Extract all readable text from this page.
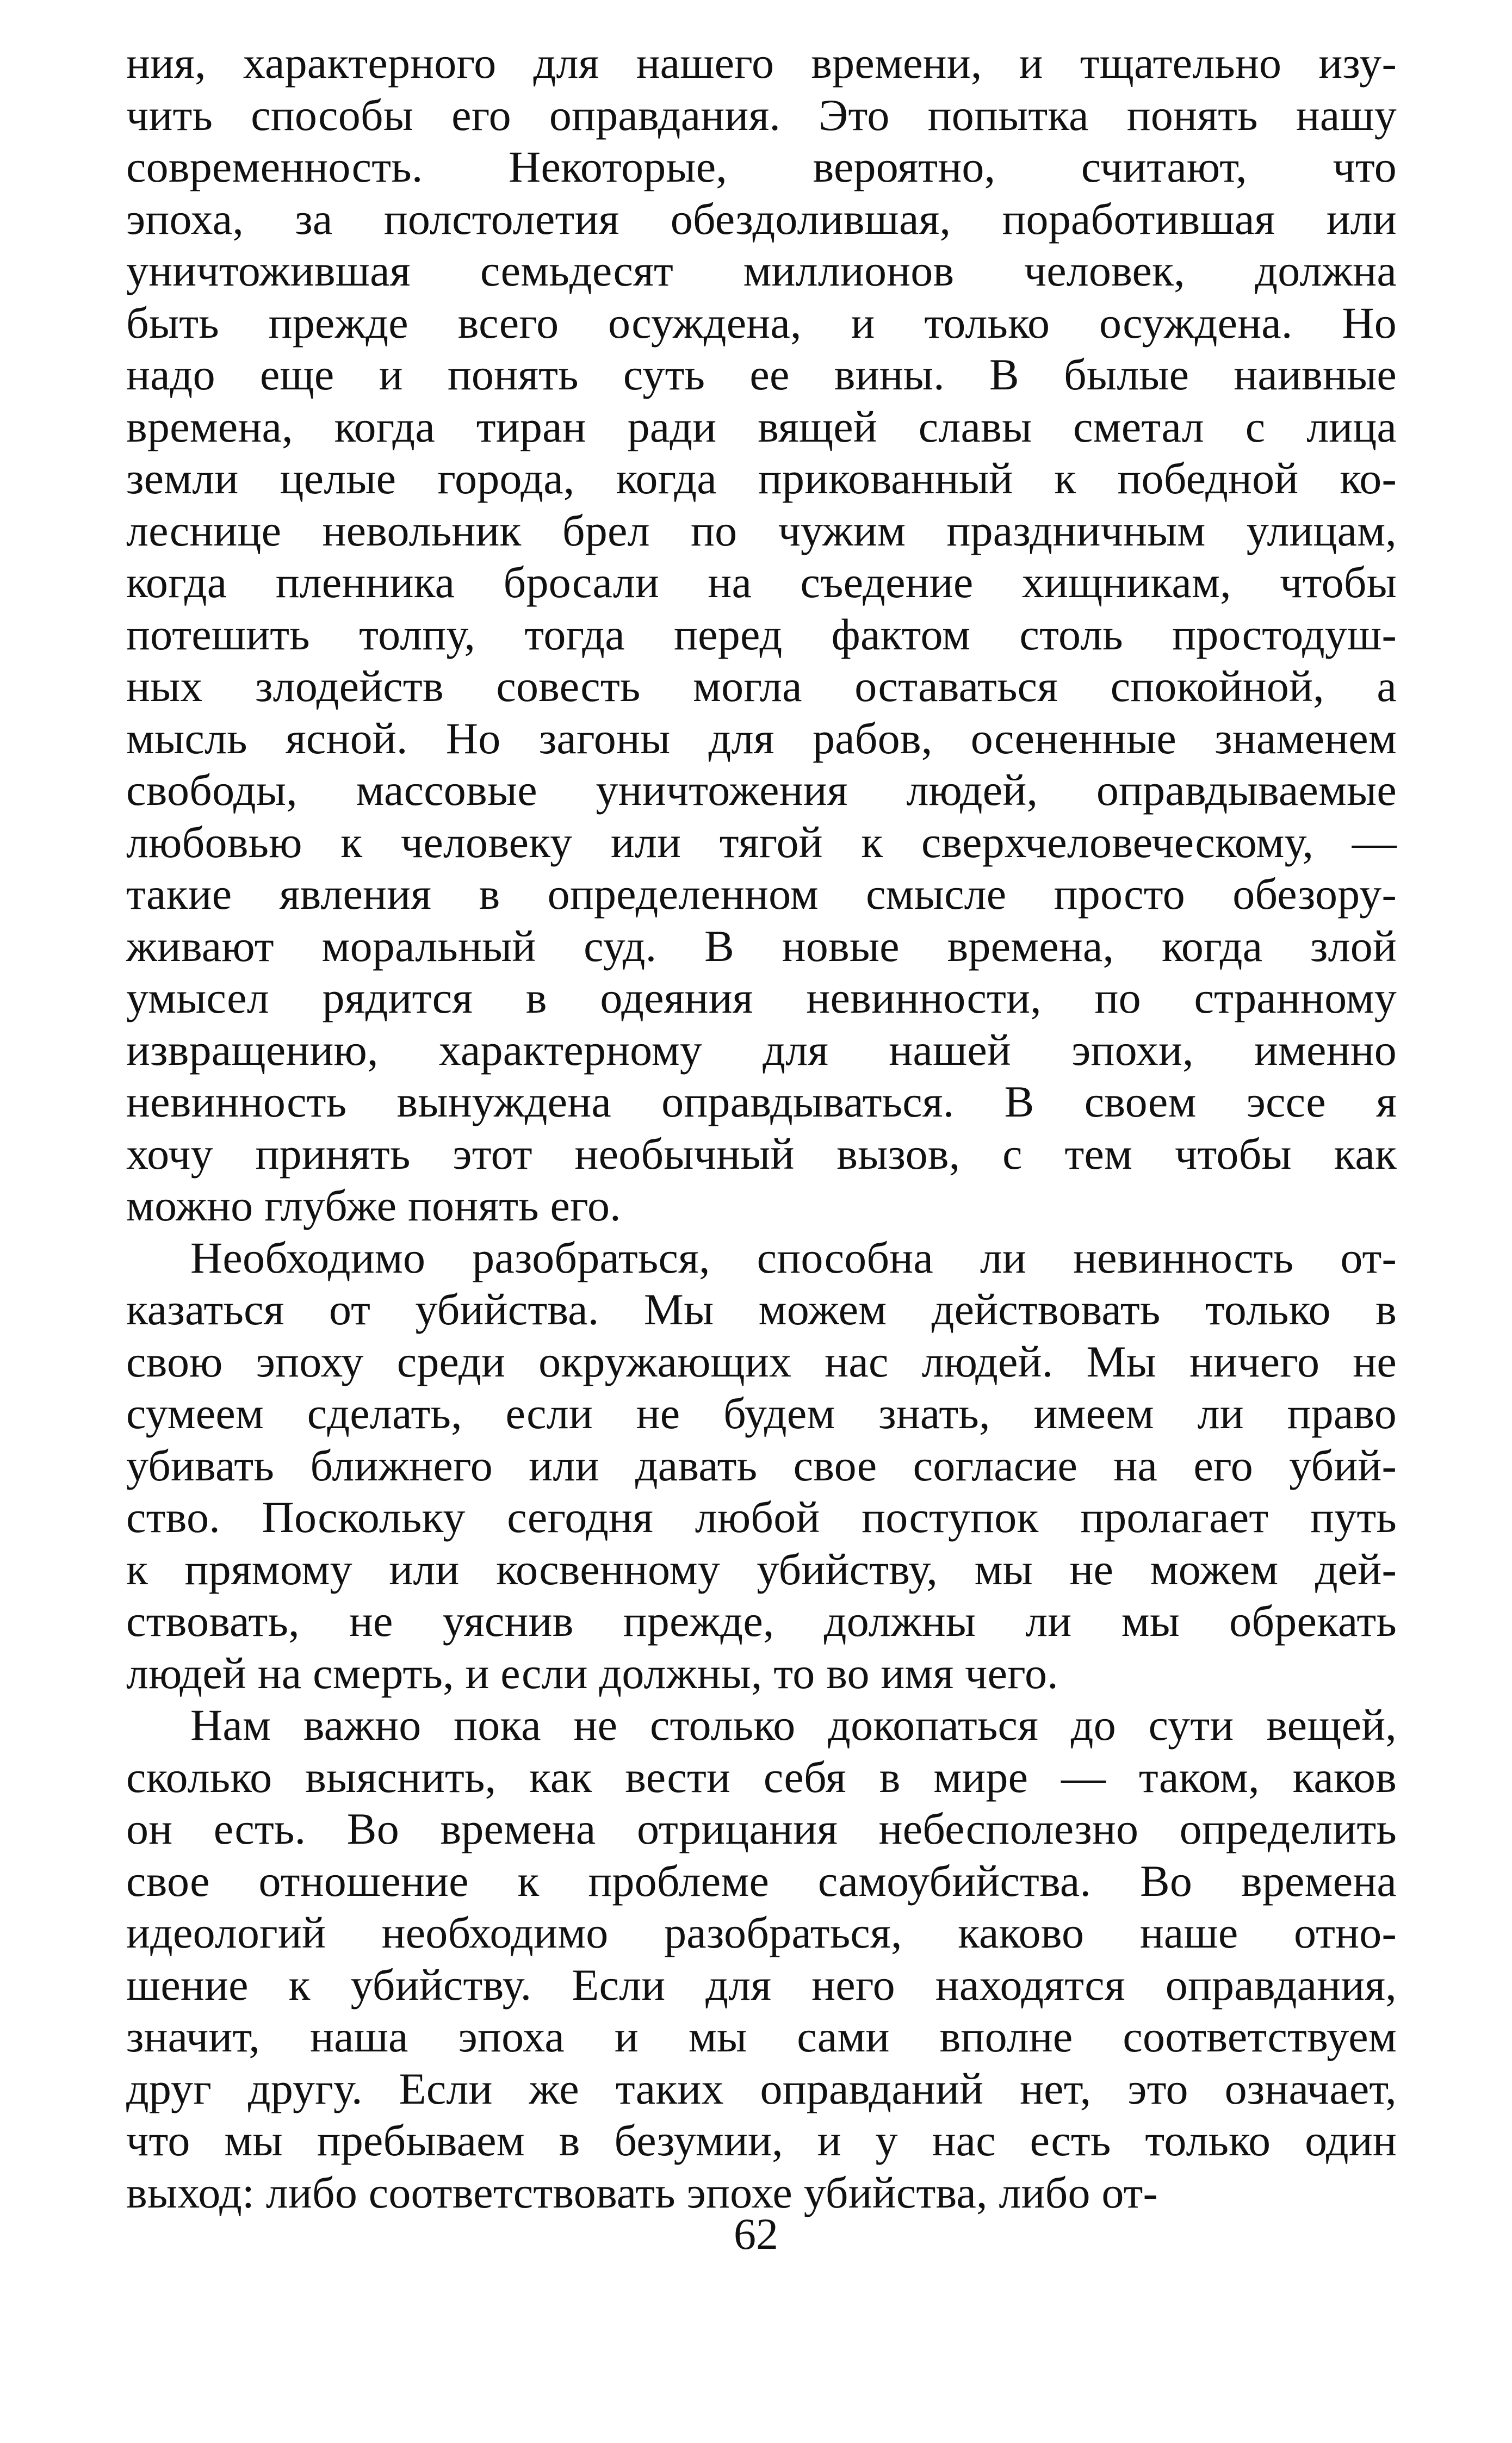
ния, характерного для нашего времени, и тщательно изу-
чить способы его оправдания. Это попытка понять нашу
современность. Некоторые, вероятно, считают, что
эпоха, за полстолетия обездолившая, поработившая или
уничтожившая семьдесят миллионов человек, должна
быть прежде всего осуждена, и только осуждена. Но
надо еще и понять суть ее вины. В былые наивные
времена, когда тиран ради вящей славы сметал с лица
земли целые города, когда прикованный к победной ко-
леснице невольник брел по чужим праздничным улицам,
когда пленника бросали на съедение хищникам, чтобы
потешить толпу, тогда перед фактом столь простодуш-
ных злодейств совесть могла оставаться спокойной, а
мысль ясной. Но загоны для рабов, осененные знаменем
свободы, массовые уничтожения людей, оправдываемые
любовью к человеку или тягой к сверхчеловеческому, —
такие явления в определенном смысле просто обезору-
живают моральный суд. В новые времена, когда злой
умысел рядится в одеяния невинности, по странному
извращению, характерному для нашей эпохи, именно
невинность вынуждена оправдываться. В своем эссе я
хочу принять этот необычный вызов, с тем чтобы как
можно глубже понять его.
Необходимо разобраться, способна ли невинность от-
казаться от убийства. Мы можем действовать только в
свою эпоху среди окружающих нас людей. Мы ничего не
сумеем сделать, если не будем знать, имеем ли право
убивать ближнего или давать свое согласие на его убий-
ство. Поскольку сегодня любой поступок пролагает путь
к прямому или косвенному убийству, мы не можем дей-
ствовать, не уяснив прежде, должны ли мы обрекать
людей на смерть, и если должны, то во имя чего.
Нам важно пока не столько докопаться до сути вещей,
сколько выяснить, как вести себя в мире — таком, каков
он есть. Во времена отрицания небесполезно определить
свое отношение к проблеме самоубийства. Во времена
идеологий необходимо разобраться, каково наше отно-
шение к убийству. Если для него находятся оправдания,
значит, наша эпоха и мы сами вполне соответствуем
друг другу. Если же таких оправданий нет, это означает,
что мы пребываем в безумии, и у нас есть только один
выход: либо соответствовать эпохе убийства, либо от-
62
